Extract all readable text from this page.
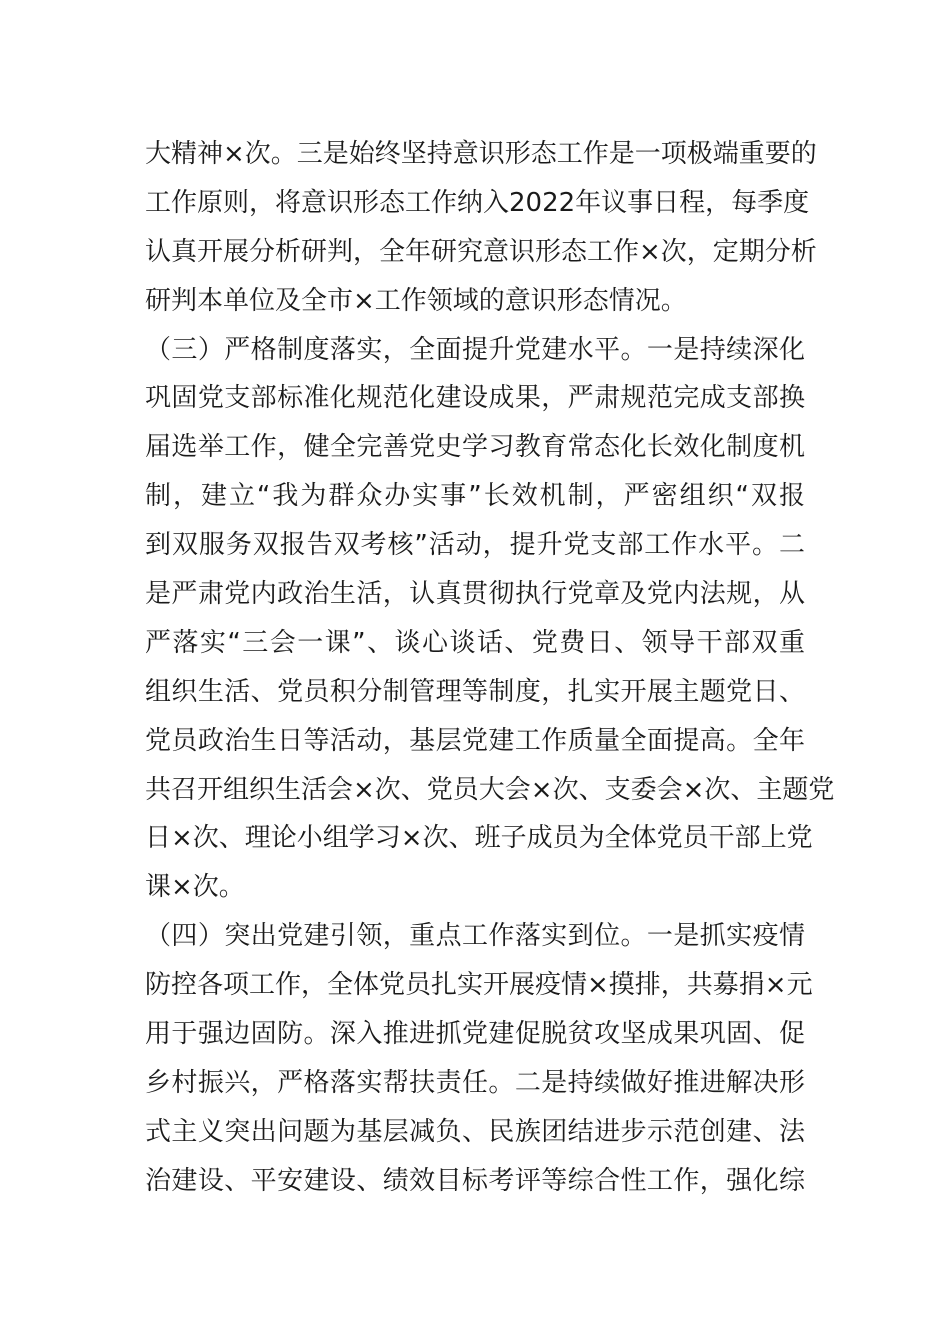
大精神×次。三是始终坚持意识形态工作是一项极端重要的
工作原则，将意识形态工作纳入2022年议事日程，每季度
认真开展分析研判，全年研究意识形态工作×次，定期分析
研判本单位及全市×工作领域的意识形态情况。
（三）严格制度落实，全面提升党建水平。一是持续深化
巩固党支部标准化规范化建设成果，严肃规范完成支部换
届选举工作，健全完善党史学习教育常态化长效化制度机
制，建立“我为群众办实事”长效机制，严密组织“双报
到双服务双报告双考核”活动，提升党支部工作水平。二
是严肃党内政治生活，认真贯彻执行党章及党内法规，从
严落实“三会一课”、谈心谈话、党费日、领导干部双重
组织生活、党员积分制管理等制度，扎实开展主题党日、
党员政治生日等活动，基层党建工作质量全面提高。全年
共召开组织生活会×次、党员大会×次、支委会×次、主题党
日×次、理论小组学习×次、班子成员为全体党员干部上党
课×次。
（四）突出党建引领，重点工作落实到位。一是抓实疫情
防控各项工作，全体党员扎实开展疫情×摸排，共募捐×元
用于强边固防。深入推进抓党建促脱贫攻坚成果巩固、促
乡村振兴，严格落实帮扶责任。二是持续做好推进解决形
式主义突出问题为基层减负、民族团结进步示范创建、法
治建设、平安建设、绩效目标考评等综合性工作，强化综
